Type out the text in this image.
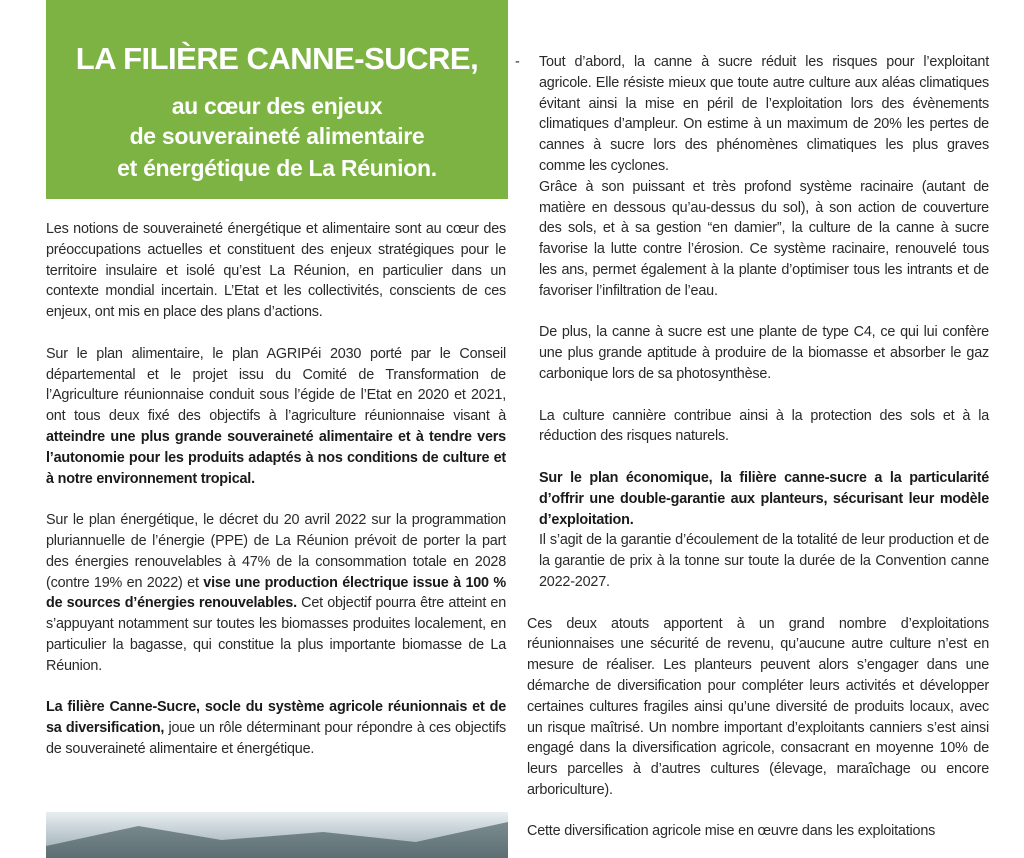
LA FILIÈRE CANNE-SUCRE,
au cœur des enjeux
de souveraineté alimentaire
et énergétique de La Réunion.

Les notions de souveraineté énergétique et alimentaire sont au cœur des préoccupations actuelles et constituent des enjeux stratégiques pour le territoire insulaire et isolé qu’est La Réunion, en particulier dans un contexte mondial incertain. L’Etat et les collectivités, conscients de ces enjeux, ont mis en place des plans d’actions.

Sur le plan alimentaire, le plan AGRIPéi 2030 porté par le Conseil départemental et le projet issu du Comité de Transformation de l’Agriculture réunionnaise conduit sous l’égide de l’Etat en 2020 et 2021, ont tous deux fixé des objectifs à l’agriculture réunionnaise visant à atteindre une plus grande souveraineté alimentaire et à tendre vers l’autonomie pour les produits adaptés à nos conditions de culture et à notre environnement tropical.

Sur le plan énergétique, le décret du 20 avril 2022 sur la programmation pluriannuelle de l’énergie (PPE) de La Réunion prévoit de porter la part des énergies renouvelables à 47% de la consommation totale en 2028 (contre 19% en 2022) et vise une production électrique issue à 100 % de sources d’énergies renouvelables. Cet objectif pourra être atteint en s’appuyant notamment sur toutes les biomasses produites localement, en particulier la bagasse, qui constitue la plus importante biomasse de La Réunion.

La filière Canne-Sucre, socle du système agricole réunionnais et de sa diversification, joue un rôle déterminant pour répondre à ces objectifs de souveraineté alimentaire et énergétique.

Tout d’abord, la canne à sucre réduit les risques pour l’exploitant agricole. Elle résiste mieux que toute autre culture aux aléas climatiques évitant ainsi la mise en péril de l’exploitation lors des évènements climatiques d’ampleur. On estime à un maximum de 20% les pertes de cannes à sucre lors des phénomènes climatiques les plus graves comme les cyclones.

Grâce à son puissant et très profond système racinaire (autant de matière en dessous qu’au-dessus du sol), à son action de couverture des sols, et à sa gestion “en damier”, la culture de la canne à sucre favorise la lutte contre l’érosion. Ce système racinaire, renouvelé tous les ans, permet également à la plante d’optimiser tous les intrants et de favoriser l’infiltration de l’eau.

De plus, la canne à sucre est une plante de type C4, ce qui lui confère une plus grande aptitude à produire de la biomasse et absorber le gaz carbonique lors de sa photosynthèse.

La culture cannière contribue ainsi à la protection des sols et à la réduction des risques naturels.

-
Sur le plan économique, la filière canne-sucre a la particularité d’offrir une double-garantie aux planteurs, sécurisant leur modèle d’exploitation.

Il s’agit de la garantie d’écoulement de la totalité de leur production et de la garantie de prix à la tonne sur toute la durée de la Convention canne 2022-2027.

Ces deux atouts apportent à un grand nombre d’exploitations réunionnaises une sécurité de revenu, qu’aucune autre culture n’est en mesure de réaliser. Les planteurs peuvent alors s’engager dans une démarche de diversification pour compléter leurs activités et développer certaines cultures fragiles ainsi qu’une diversité de produits locaux, avec un risque maîtrisé. Un nombre important d’exploitants canniers s’est ainsi engagé dans la diversification agricole, consacrant en moyenne 10% de leurs parcelles à d’autres cultures (élevage, maraîchage ou encore arboriculture).

Cette diversification agricole mise en œuvre dans les exploitations
